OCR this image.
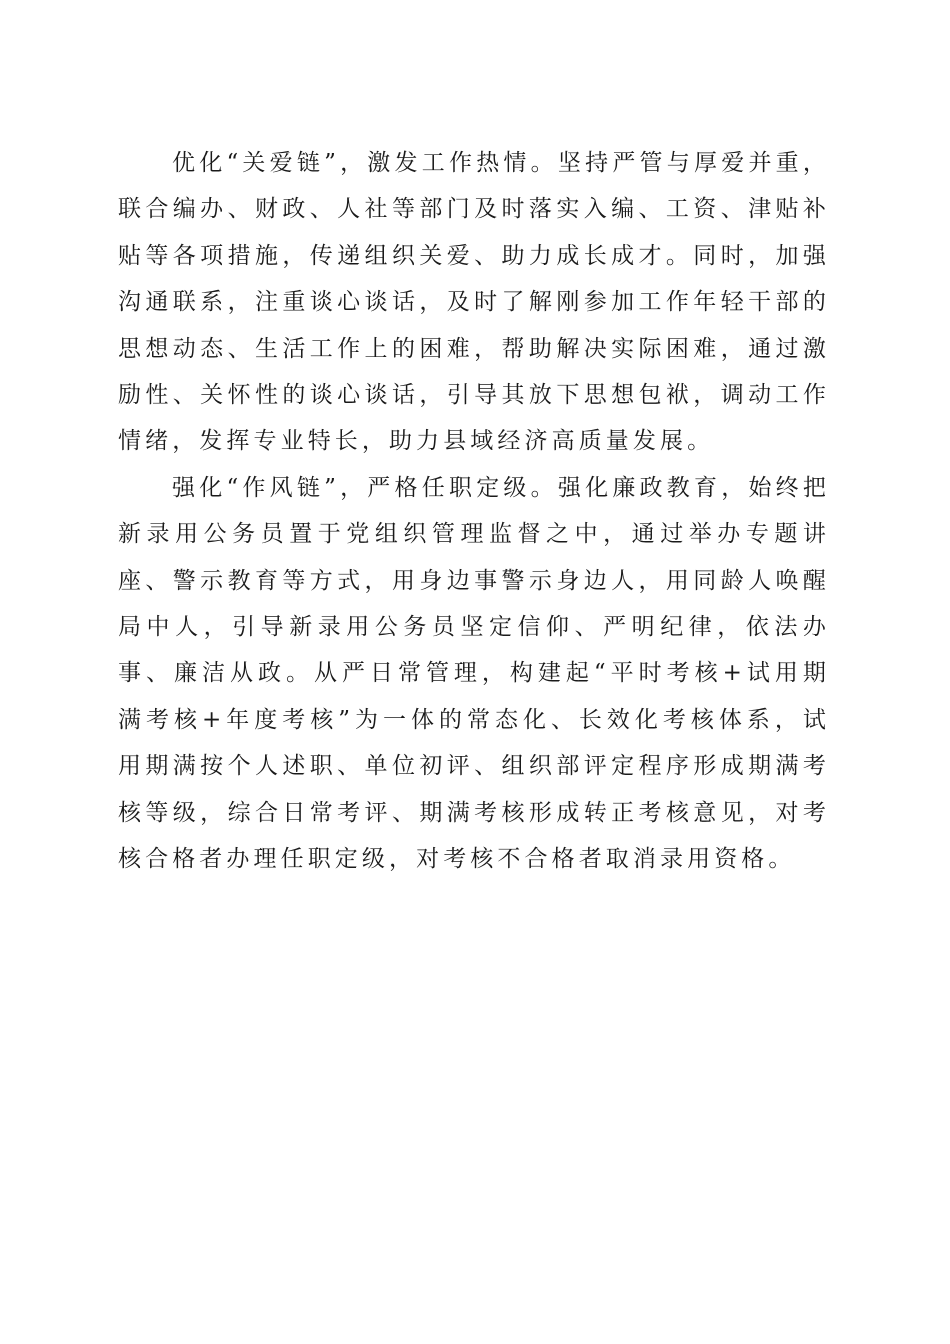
优化“关爱链”，激发工作热情。坚持严管与厚爱并重，联合编办、财政、人社等部门及时落实入编、工资、津贴补贴等各项措施，传递组织关爱、助力成长成才。同时，加强沟通联系，注重谈心谈话，及时了解刚参加工作年轻干部的思想动态、生活工作上的困难，帮助解决实际困难，通过激励性、关怀性的谈心谈话，引导其放下思想包袱，调动工作情绪，发挥专业特长，助力县域经济高质量发展。

强化“作风链”，严格任职定级。强化廉政教育，始终把新录用公务员置于党组织管理监督之中，通过举办专题讲座、警示教育等方式，用身边事警示身边人，用同龄人唤醒局中人，引导新录用公务员坚定信仰、严明纪律，依法办事、廉洁从政。从严日常管理，构建起“平时考核+试用期满考核+年度考核”为一体的常态化、长效化考核体系，试用期满按个人述职、单位初评、组织部评定程序形成期满考核等级，综合日常考评、期满考核形成转正考核意见，对考核合格者办理任职定级，对考核不合格者取消录用资格。
